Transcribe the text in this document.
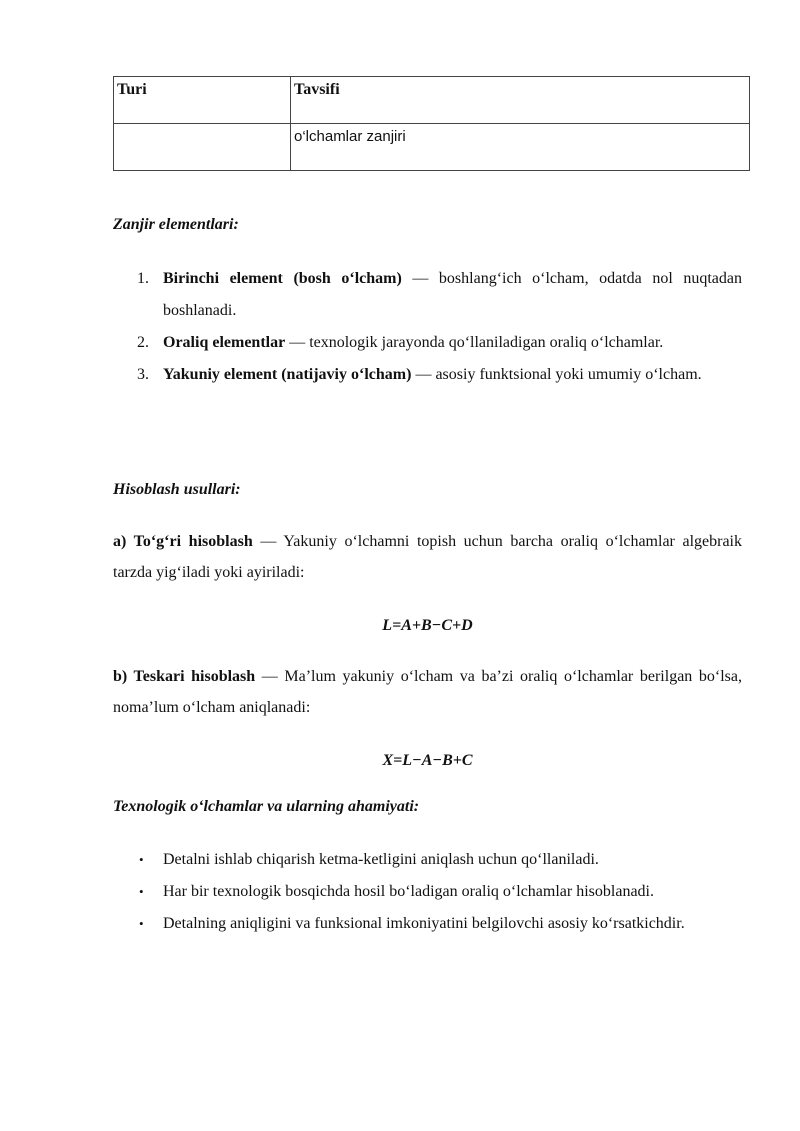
Turi	Tavsifi
	o‘lchamlar zanjiri

Zanjir elementlari:

1. Birinchi element (bosh o‘lcham) — boshlang‘ich o‘lcham, odatda nol nuqtadan boshlanadi.
2. Oraliq elementlar — texnologik jarayonda qo‘llaniladigan oraliq o‘lchamlar.
3. Yakuniy element (natijaviy o‘lcham) — asosiy funktsional yoki umumiy o‘lcham.

Hisoblash usullari:

a) To‘g‘ri hisoblash — Yakuniy o‘lchamni topish uchun barcha oraliq o‘lchamlar algebraik tarzda yig‘iladi yoki ayiriladi:

L=A+B−C+D

b) Teskari hisoblash — Ma’lum yakuniy o‘lcham va ba’zi oraliq o‘lchamlar berilgan bo‘lsa, noma’lum o‘lcham aniqlanadi:

X=L−A−B+C

Texnologik o‘lchamlar va ularning ahamiyati:

• Detalni ishlab chiqarish ketma-ketligini aniqlash uchun qo‘llaniladi.
• Har bir texnologik bosqichda hosil bo‘ladigan oraliq o‘lchamlar hisoblanadi.
• Detalning aniqligini va funksional imkoniyatini belgilovchi asosiy ko‘rsatkichdir.
